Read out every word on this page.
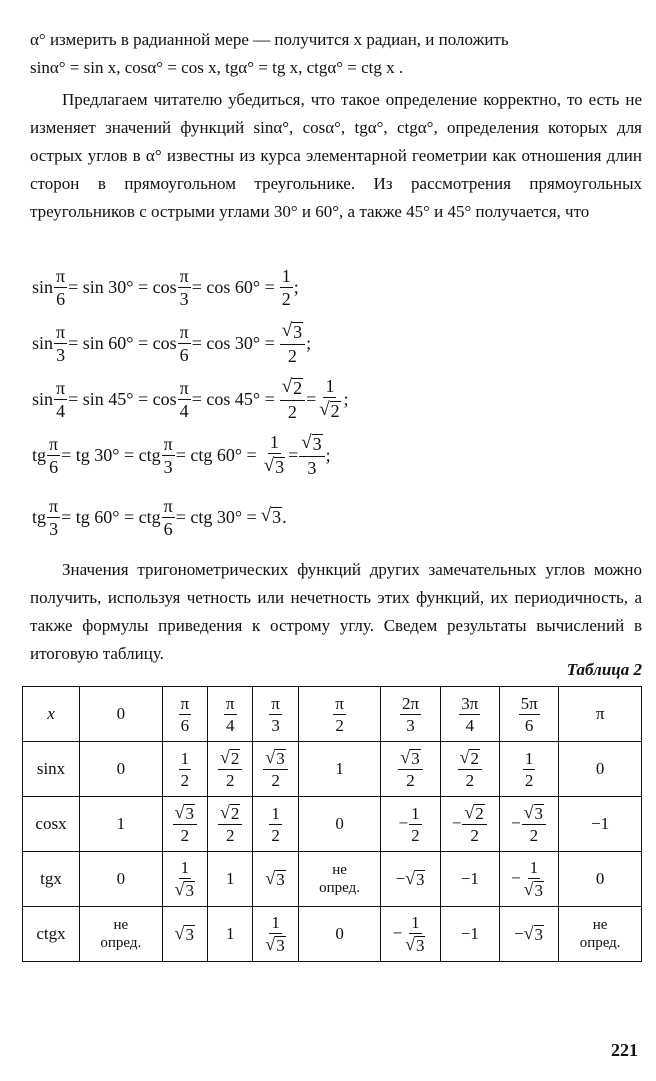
α° измерить в радианной мере — получится x радиан, и положить

sinα° = sin x, cosα° = cos x, tgα° = tg x, ctgα° = ctg x .

Предлагаем читателю убедиться, что такое определение корректно, то есть не изменяет значений функций sinα°, cosα°, tgα°, ctgα°, определения которых для острых углов в α° известны из курса элементарной геометрии как отношения длин сторон в прямоугольном треугольнике. Из рассмотрения прямоугольных треугольников с острыми углами 30° и 60°, а также 45° и 45° получается, что

$\sin \frac{\pi}{6} = \sin 30^\circ = \cos \frac{\pi}{3} = \cos 60^\circ = \frac{1}{2}$ ;
$\sin \frac{\pi}{3} = \sin 60^\circ = \cos \frac{\pi}{6} = \cos 30^\circ = \frac{√ 3}{2}$ ;
$\sin \frac{\pi}{4} = \sin 45^\circ = \cos \frac{\pi}{4} = \cos 45^\circ = \frac{√ 2}{2} = \frac{1}{√ 2}$ ;
tg $\frac{\pi}{6}$ = tg 30° = ctg $\frac{\pi}{3}$ = ctg $60^\circ = \frac{1}{√ 3} = \frac{√ 3}{3}$ ;
tg $\frac{\pi}{3}$ = tg 60° = ctg $\frac{\pi}{6}$ = ctg 30° = √ 3 .

Значения тригонометрических функций других замечательных углов можно получить, используя четность или нечетность этих функций, их периодичность, а также формулы приведения к острому углу. Сведем результаты вычислений в итоговую таблицу.

Таблица 2
x	0	$\frac{\pi}{6}$	$\frac{\pi}{4}$	$\frac{\pi}{3}$	$\frac{\pi}{2}$	$\frac{2\pi}{3}$	$\frac{3\pi}{4}$	$\frac{5\pi}{6}$	π
sinx	0	$\frac{1}{2}$	$\frac{√ 2}{2}$	$\frac{√ 3}{2}$	1	$\frac{√ 3}{2}$	$\frac{√ 2}{2}$	$\frac{1}{2}$	0
cosx	1	$\frac{√ 3}{2}$	$\frac{√ 2}{2}$	$\frac{1}{2}$	0	− $\frac{1}{2}$	− $\frac{√ 2}{2}$	− $\frac{√ 3}{2}$	−1
tgx	0	$\frac{1}{√ 3}$	1	√ 3	не опред.	− √ 3	−1	− $\frac{1}{√ 3}$	0
ctgx	не опред.	√ 3	1	$\frac{1}{√ 3}$	0	− $\frac{1}{√ 3}$	−1	− √ 3	не опред.
221
